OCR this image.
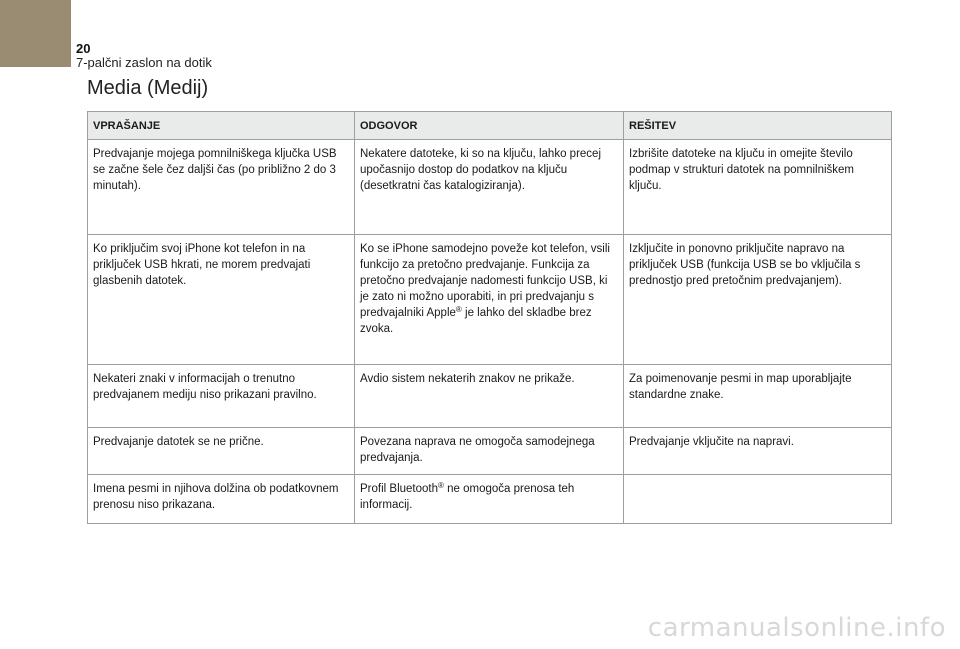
20
7-palčni zaslon na dotik
Media (Medij)
VPRAŠANJE	ODGOVOR	REŠITEV
Predvajanje mojega pomnilniškega ključka USB se začne šele čez daljši čas (po približno 2 do 3 minutah).	Nekatere datoteke, ki so na ključu, lahko precej upočasnijo dostop do podatkov na ključu (desetkratni čas katalogiziranja).	Izbrišite datoteke na ključu in omejite število podmap v strukturi datotek na pomnilniškem ključu.
Ko priključim svoj iPhone kot telefon in na priključek USB hkrati, ne morem predvajati glasbenih datotek.	Ko se iPhone samodejno poveže kot telefon, vsili funkcijo za pretočno predvajanje. Funkcija za pretočno predvajanje nadomesti funkcijo USB, ki je zato ni možno uporabiti, in pri predvajanju s predvajalniki Apple® je lahko del skladbe brez zvoka.	Izključite in ponovno priključite napravo na priključek USB (funkcija USB se bo vključila s prednostjo pred pretočnim predvajanjem).
Nekateri znaki v informacijah o trenutno predvajanem mediju niso prikazani pravilno.	Avdio sistem nekaterih znakov ne prikaže.	Za poimenovanje pesmi in map uporabljajte standardne znake.
Predvajanje datotek se ne prične.	Povezana naprava ne omogoča samodejnega predvajanja.	Predvajanje vključite na napravi.
Imena pesmi in njihova dolžina ob podatkovnem prenosu niso prikazana.	Profil Bluetooth® ne omogoča prenosa teh informacij.	
carmanualsonline.info
